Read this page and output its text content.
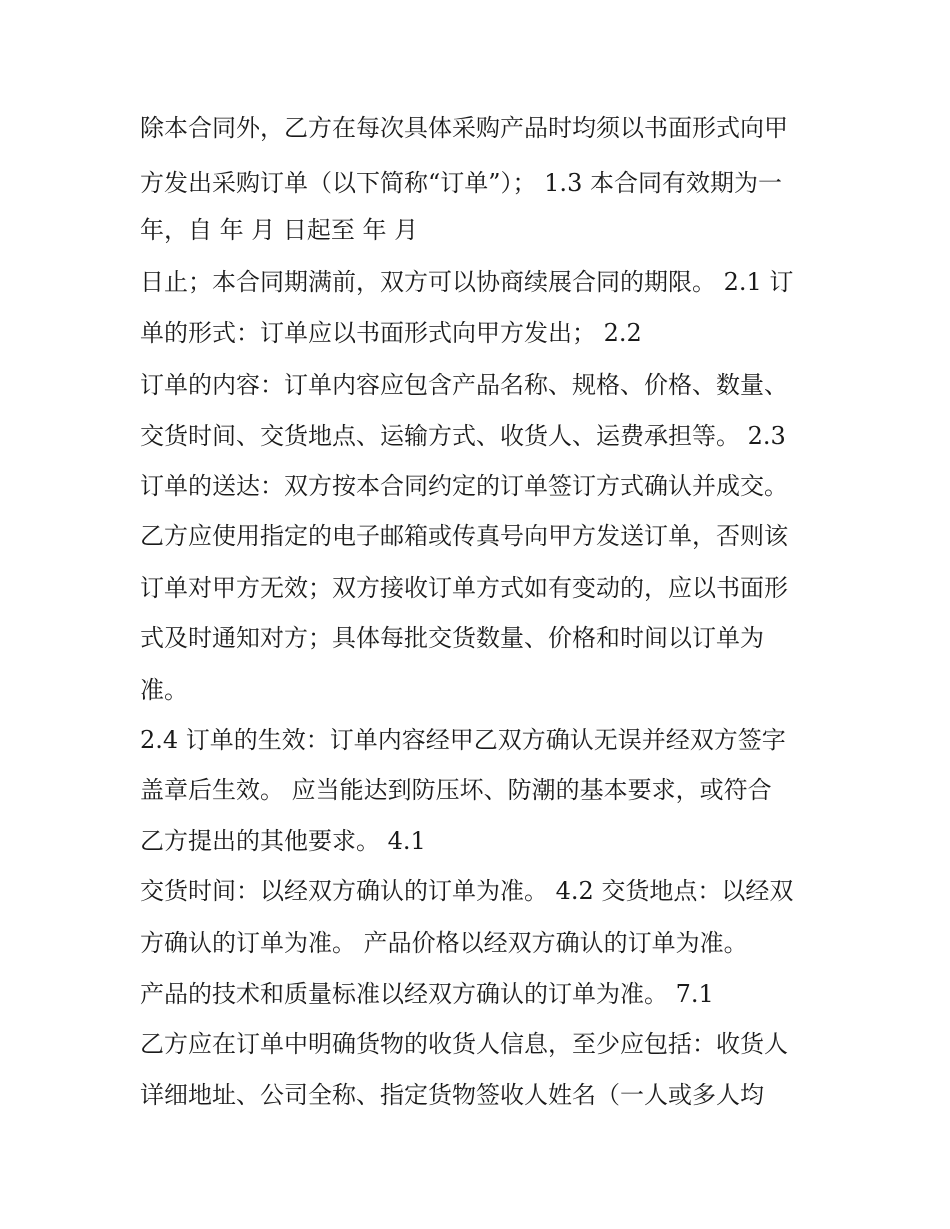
除本合同外，乙方在每次具体采购产品时均须以书面形式向甲
方发出采购订单（以下简称“订单”）； 1.3 本合同有效期为一
年，自 年 月 日起至 年 月
日止；本合同期满前，双方可以协商续展合同的期限。 2.1 订
单的形式：订单应以书面形式向甲方发出； 2.2
订单的内容：订单内容应包含产品名称、规格、价格、数量、
交货时间、交货地点、运输方式、收货人、运费承担等。 2.3
订单的送达：双方按本合同约定的订单签订方式确认并成交。
乙方应使用指定的电子邮箱或传真号向甲方发送订单，否则该
订单对甲方无效；双方接收订单方式如有变动的，应以书面形
式及时通知对方；具体每批交货数量、价格和时间以订单为
准。
2.4 订单的生效：订单内容经甲乙双方确认无误并经双方签字
盖章后生效。 应当能达到防压坏、防潮的基本要求，或符合
乙方提出的其他要求。 4.1
交货时间：以经双方确认的订单为准。 4.2 交货地点：以经双
方确认的订单为准。 产品价格以经双方确认的订单为准。
产品的技术和质量标准以经双方确认的订单为准。 7.1
乙方应在订单中明确货物的收货人信息，至少应包括：收货人
详细地址、公司全称、指定货物签收人姓名（一人或多人均
